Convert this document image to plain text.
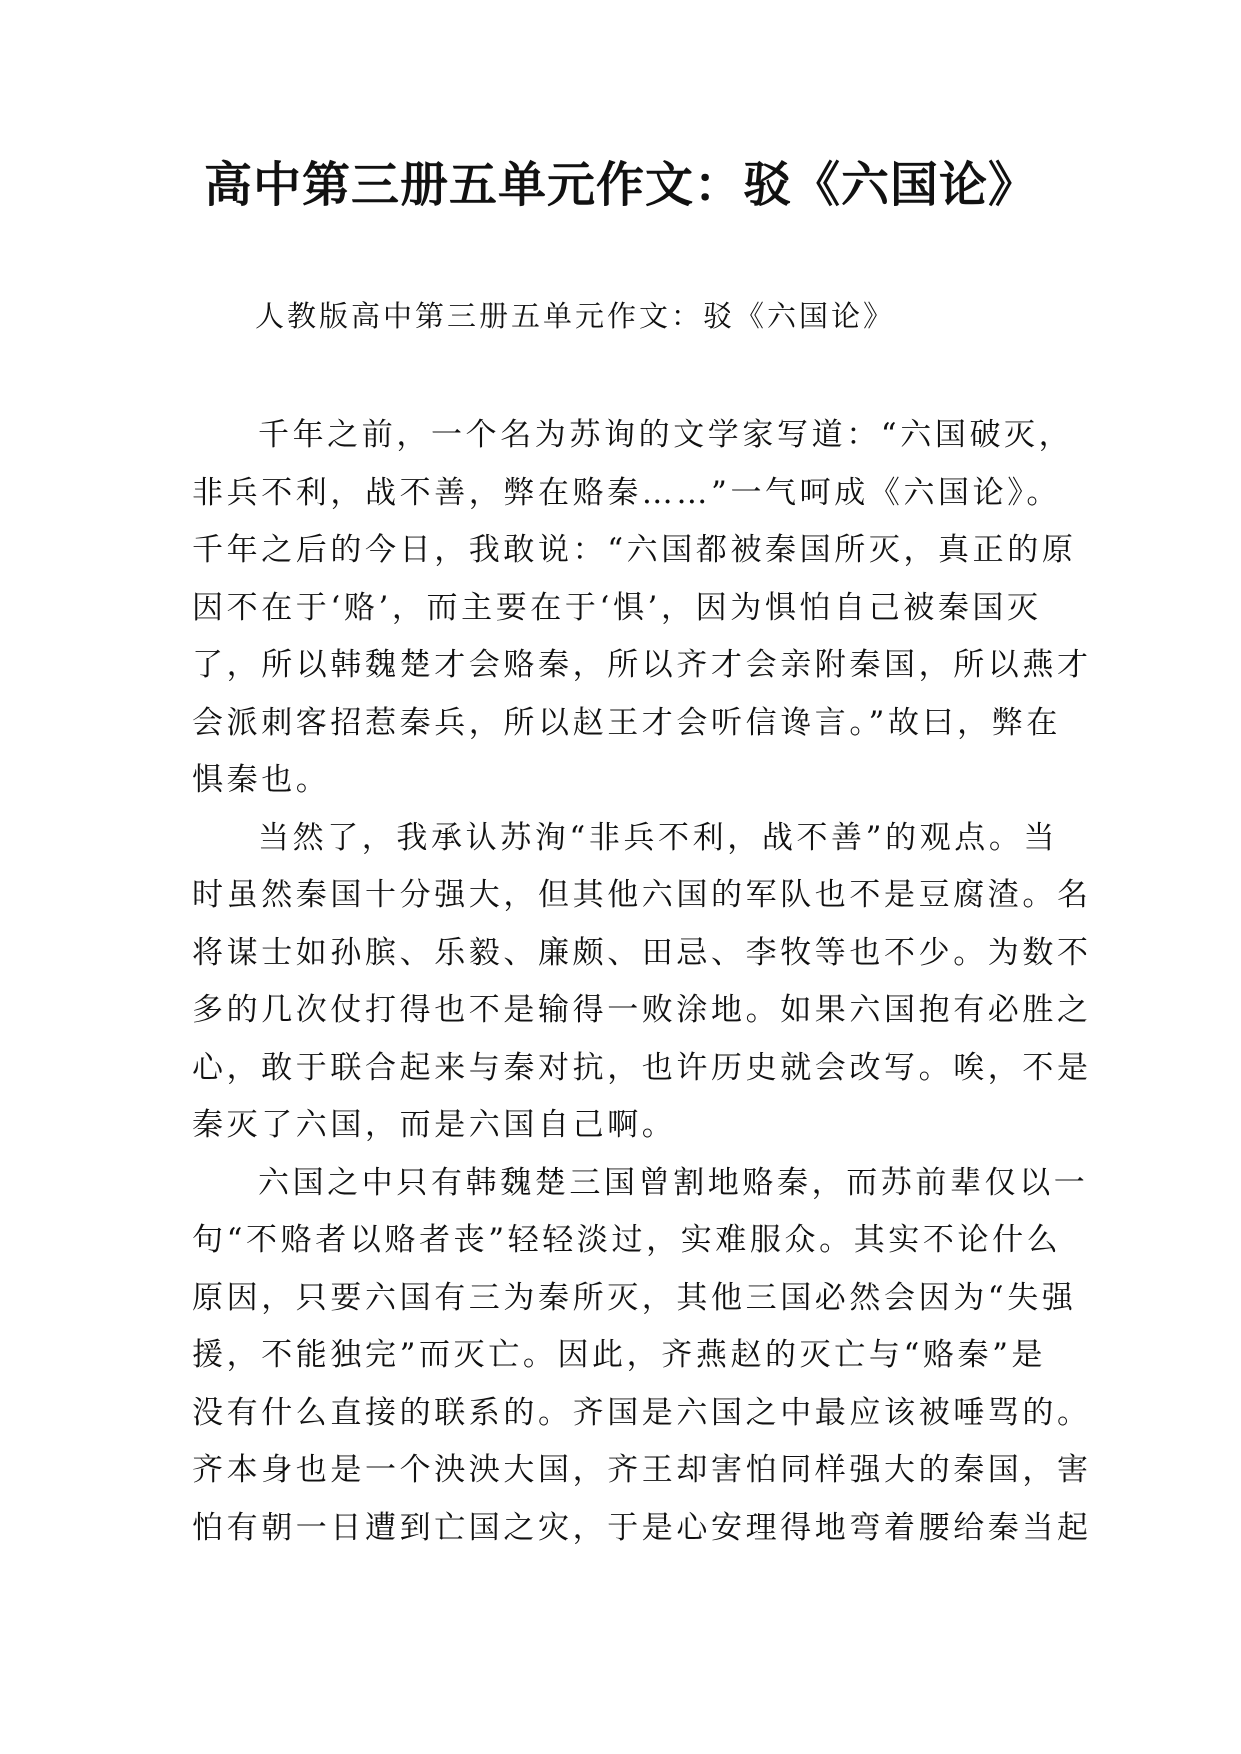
高中第三册五单元作文：驳《六国论》

人教版高中第三册五单元作文：驳《六国论》

千年之前，一个名为苏询的文学家写道：“六国破灭，
非兵不利，战不善，弊在赂秦……”一气呵成《六国论》。
千年之后的今日，我敢说：“六国都被秦国所灭，真正的原
因不在于‘赂’，而主要在于‘惧’，因为惧怕自己被秦国灭
了，所以韩魏楚才会赂秦，所以齐才会亲附秦国，所以燕才
会派刺客招惹秦兵，所以赵王才会听信谗言。”故曰，弊在
惧秦也。

当然了，我承认苏洵“非兵不利，战不善”的观点。当
时虽然秦国十分强大，但其他六国的军队也不是豆腐渣。名
将谋士如孙膑、乐毅、廉颇、田忌、李牧等也不少。为数不
多的几次仗打得也不是输得一败涂地。如果六国抱有必胜之
心，敢于联合起来与秦对抗，也许历史就会改写。唉，不是
秦灭了六国，而是六国自己啊。

六国之中只有韩魏楚三国曾割地赂秦，而苏前辈仅以一
句“不赂者以赂者丧”轻轻淡过，实难服众。其实不论什么
原因，只要六国有三为秦所灭，其他三国必然会因为“失强
援，不能独完”而灭亡。因此，齐燕赵的灭亡与“赂秦”是
没有什么直接的联系的。齐国是六国之中最应该被唾骂的。
齐本身也是一个泱泱大国，齐王却害怕同样强大的秦国，害
怕有朝一日遭到亡国之灾，于是心安理得地弯着腰给秦当起
